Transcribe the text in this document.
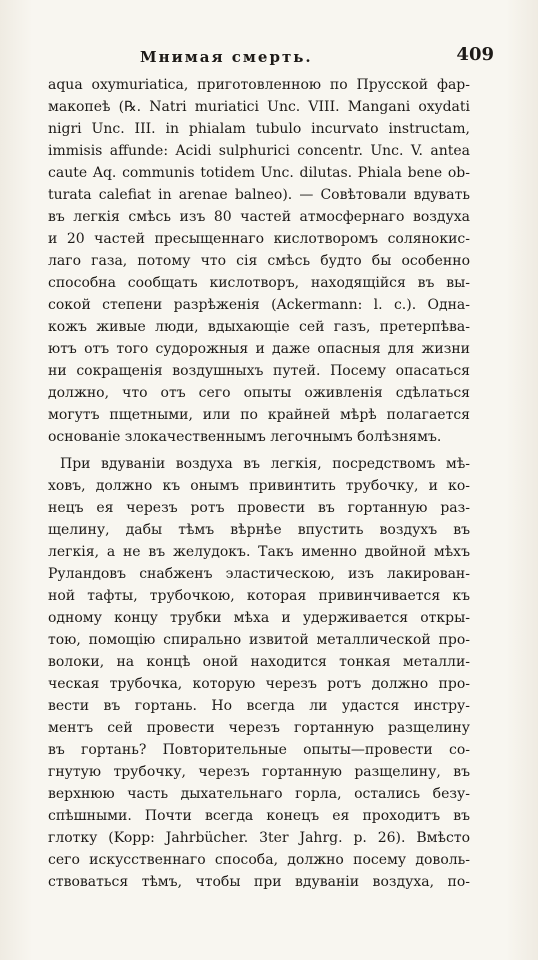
Мнимая смерть.	409
aqua oxymuriatica, приготовленною по Прусской фар-
макопеѣ (℞. Natri muriatici Unc. VIII. Mangani oxydati
nigri Unc. III. in phialam tubulo incurvato instructam,
immisis affunde: Acidi sulphurici concentr. Unc. V. antea
caute Aq. communis totidem Unc. dilutas. Phiala bene ob-
turata calefiat in arenae balneo). — Совѣтовали вдувать
въ легкія смѣсь изъ 80 частей атмосфернаго воздуха
и 20 частей пресыщеннаго кислотворомъ солянокис-
лаго газа, потому что сія смѣсь будто бы особенно
способна сообщать кислотворъ, находящійся въ вы-
сокой степени разрѣженія (Ackermann: l. c.). Одна-
кожъ живые люди, вдыхающіе сей газъ, претерпѣва-
ютъ отъ того судорожныя и даже опасныя для жизни
ни сокращенія воздушныхъ путей. Посему опасаться
должно, что отъ сего опыты оживленія сдѣлаться
могутъ пщетными, или по крайней мѣрѣ полагается
основаніе злокачественнымъ легочнымъ болѣзнямъ.
При вдуваніи воздуха въ легкія, посредствомъ мѣ-
ховъ, должно къ онымъ привинтить трубочку, и ко-
нецъ ея черезъ ротъ провести въ гортанную раз-
щелину, дабы тѣмъ вѣрнѣе впустить воздухъ въ
легкія, а не въ желудокъ. Такъ именно двойной мѣхъ
Руландовъ снабженъ эластическою, изъ лакирован-
ной тафты, трубочкою, которая привинчивается къ
одному концу трубки мѣха и удерживается откры-
тою, помощію спирально извитой металлической про-
волоки, на концѣ оной находится тонкая металли-
ческая трубочка, которую черезъ ротъ должно про-
вести въ гортань. Но всегда ли удастся инстру-
ментъ сей провести черезъ гортанную разщелину
въ гортань? Повторительные опыты—провести со-
гнутую трубочку, черезъ гортанную разщелину, въ
верхнюю часть дыхательнаго горла, остались безу-
спѣшными. Почти всегда конецъ ея проходитъ въ
глотку (Kopp: Jahrbücher. 3ter Jahrg. p. 26). Вмѣсто
сего искусственнаго способа, должно посему доволь-
ствоваться тѣмъ, чтобы при вдуваніи воздуха, по-
